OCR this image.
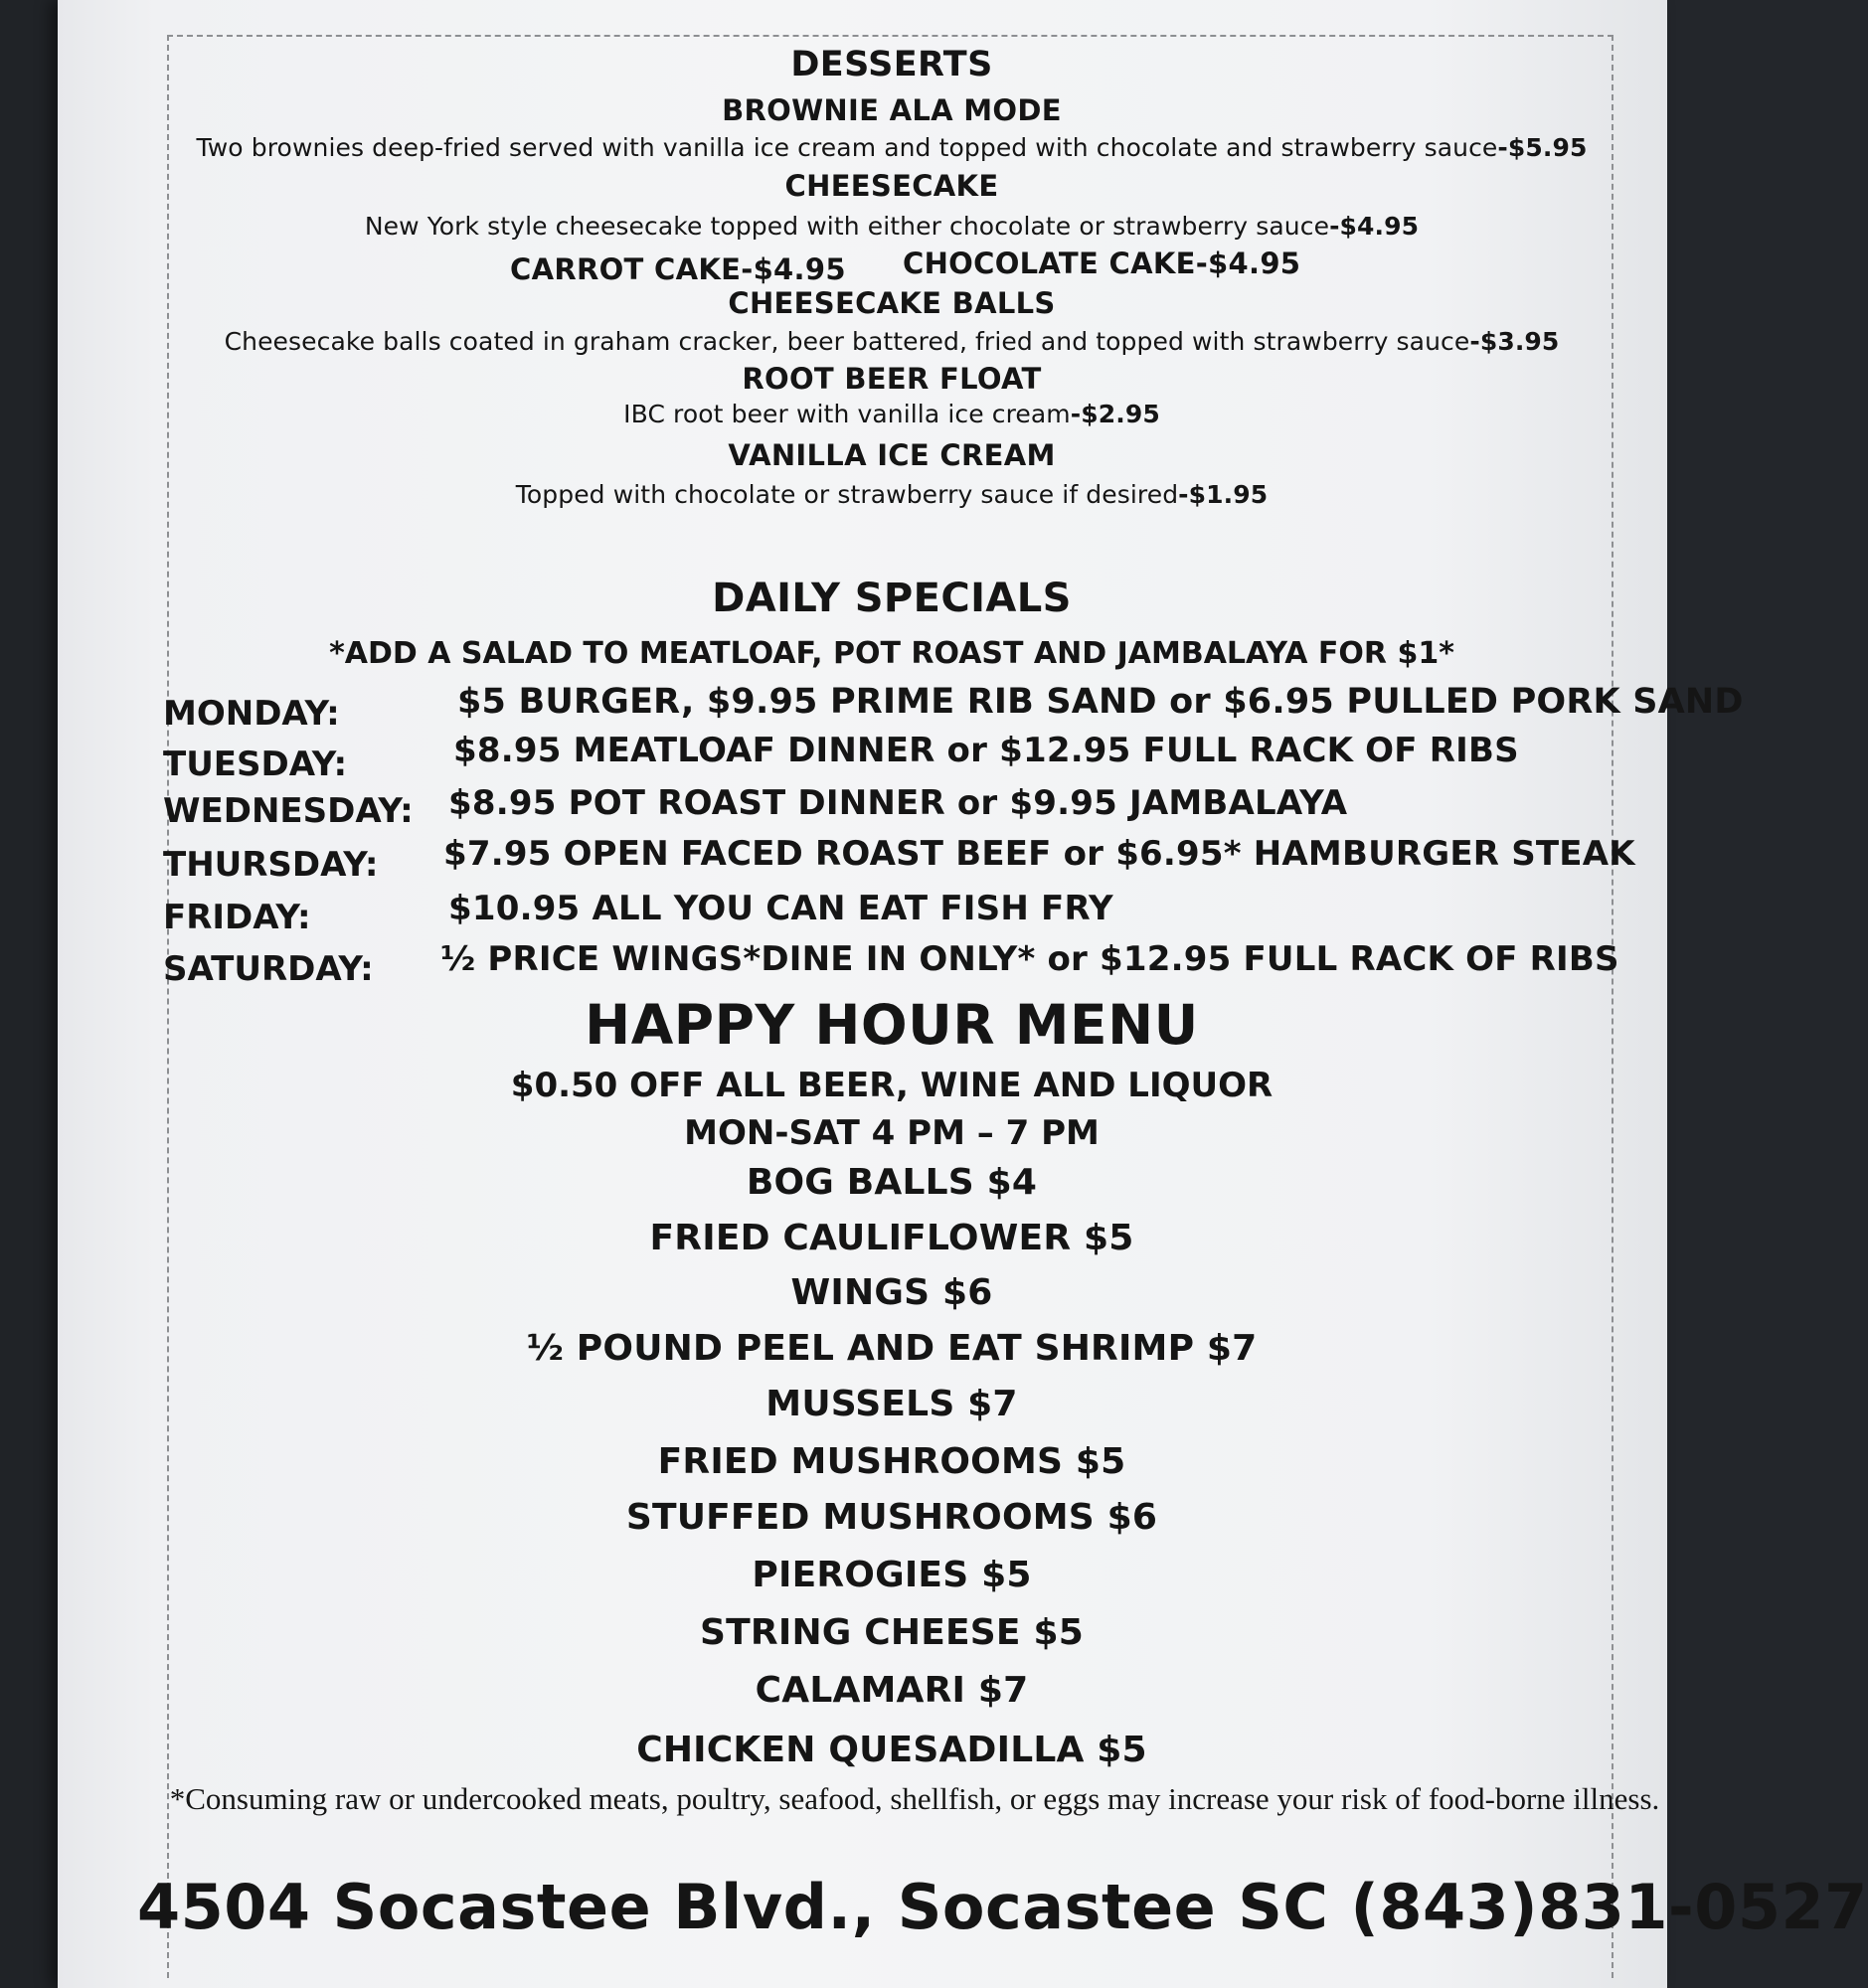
DESSERTS
BROWNIE ALA MODE
Two brownies deep-fried served with vanilla ice cream and topped with chocolate and strawberry sauce-$5.95
CHEESECAKE
New York style cheesecake topped with either chocolate or strawberry sauce-$4.95
CARROT CAKE-$4.95 CHOCOLATE CAKE-$4.95
CHEESECAKE BALLS
Cheesecake balls coated in graham cracker, beer battered, fried and topped with strawberry sauce-$3.95
ROOT BEER FLOAT
IBC root beer with vanilla ice cream-$2.95
VANILLA ICE CREAM
Topped with chocolate or strawberry sauce if desired-$1.95
DAILY SPECIALS
*ADD A SALAD TO MEATLOAF, POT ROAST AND JAMBALAYA FOR $1*
MONDAY:	$5 BURGER, $9.95 PRIME RIB SAND or $6.95 PULLED PORK SAND
TUESDAY:	$8.95 MEATLOAF DINNER or $12.95 FULL RACK OF RIBS
WEDNESDAY: $8.95 POT ROAST DINNER or $9.95 JAMBALAYA
THURSDAY: $7.95 OPEN FACED ROAST BEEF or $6.95* HAMBURGER STEAK
FRIDAY:	$10.95 ALL YOU CAN EAT FISH FRY
SATURDAY: ½ PRICE WINGS*DINE IN ONLY* or $12.95 FULL RACK OF RIBS
HAPPY HOUR MENU
$0.50 OFF ALL BEER, WINE AND LIQUOR
MON-SAT 4 PM – 7 PM
BOG BALLS $4
FRIED CAULIFLOWER $5
WINGS $6
½ POUND PEEL AND EAT SHRIMP $7
MUSSELS $7
FRIED MUSHROOMS $5
STUFFED MUSHROOMS $6
PIEROGIES $5
STRING CHEESE $5
CALAMARI $7
CHICKEN QUESADILLA $5
*Consuming raw or undercooked meats, poultry, seafood, shellfish, or eggs may increase your risk of food-borne illness.
4504 Socastee Blvd., Socastee SC (843)831-0527
